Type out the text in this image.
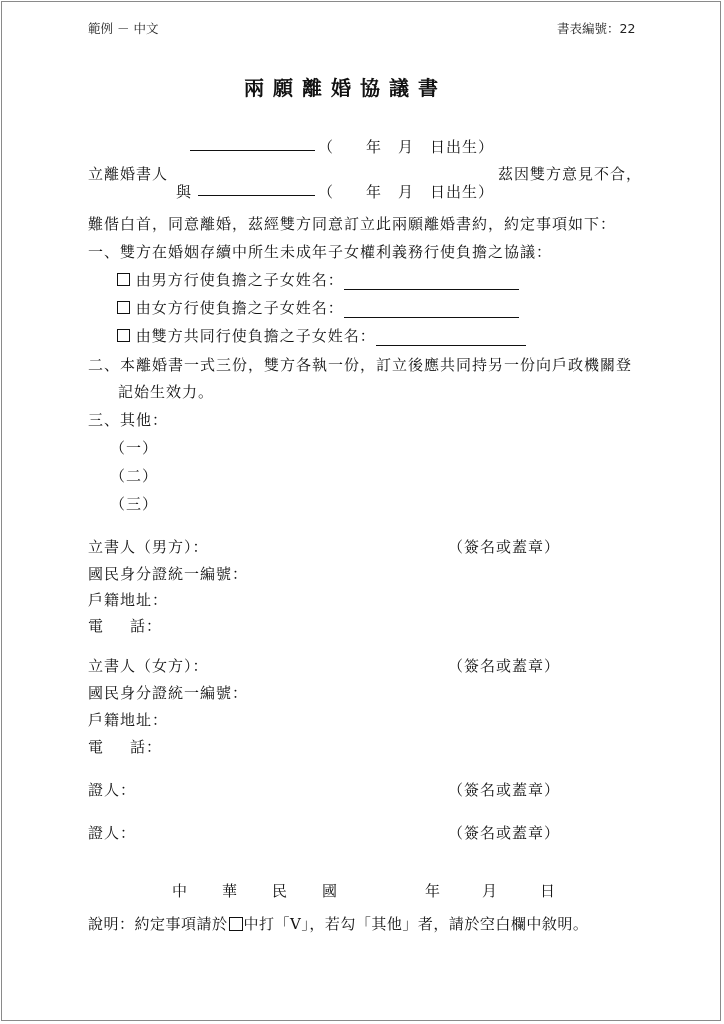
範例 － 中文	書表編號：22
兩願離婚協議書
（　　年　月　日出生）
立離婚書人	茲因雙方意見不合，
與	（　　年　月　日出生）
難偕白首，同意離婚，茲經雙方同意訂立此兩願離婚書約，約定事項如下：
一、雙方在婚姻存續中所生未成年子女權利義務行使負擔之協議：
由男方行使負擔之子女姓名：
由女方行使負擔之子女姓名：
由雙方共同行使負擔之子女姓名：
二、本離婚書一式三份，雙方各執一份，訂立後應共同持另一份向戶政機關登
記始生效力。
三、其他：
（一）
（二）
（三）
立書人（男方）：	（簽名或蓋章）
國民身分證統一編號：
戶籍地址：
電 話：
立書人（女方）：	（簽名或蓋章）
國民身分證統一編號：
戶籍地址：
電 話：
證人：	（簽名或蓋章）
證人：	（簽名或蓋章）
中 華 民 國	年	月	日
說明：約定事項請於 中打「V」，若勾「其他」者，請於空白欄中敘明。
